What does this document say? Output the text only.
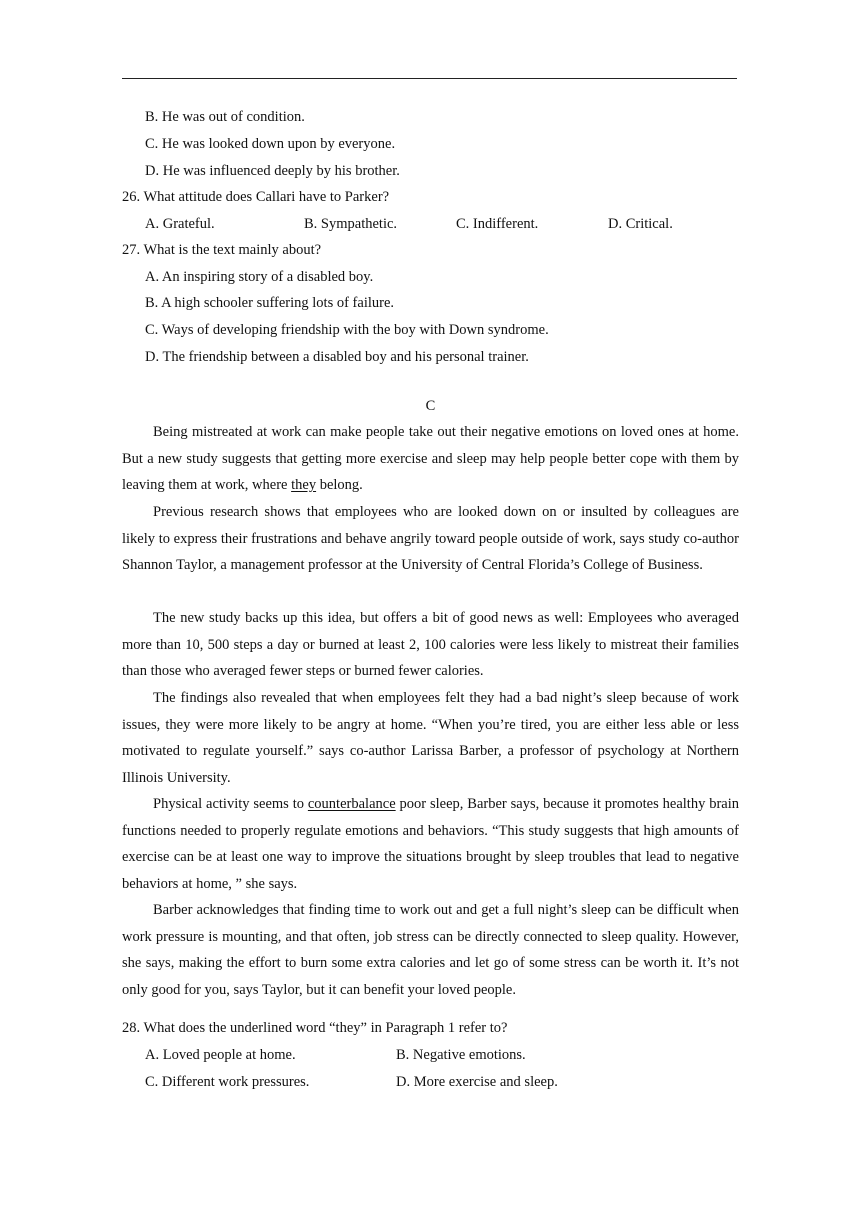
B. He was out of condition.
C. He was looked down upon by everyone.
D. He was influenced deeply by his brother.
26. What attitude does Callari have to Parker?
A. Grateful.	B. Sympathetic.	C. Indifferent.	D. Critical.
27. What is the text mainly about?
A. An inspiring story of a disabled boy.
B. A high schooler suffering lots of failure.
C. Ways of developing friendship with the boy with Down syndrome.
D. The friendship between a disabled boy and his personal trainer.
C

Being mistreated at work can make people take out their negative emotions on loved ones at home. But a new study suggests that getting more exercise and sleep may help people better cope with them by leaving them at work, where they belong.

Previous research shows that employees who are looked down on or insulted by colleagues are likely to express their frustrations and behave angrily toward people outside of work, says study co-author Shannon Taylor, a management professor at the University of Central Florida’s College of Business.

The new study backs up this idea, but offers a bit of good news as well: Employees who averaged more than 10, 500 steps a day or burned at least 2, 100 calories were less likely to mistreat their families than those who averaged fewer steps or burned fewer calories.

The findings also revealed that when employees felt they had a bad night’s sleep because of work issues, they were more likely to be angry at home. “When you’re tired, you are either less able or less motivated to regulate yourself.” says co-author Larissa Barber, a professor of psychology at Northern Illinois University.

Physical activity seems to counterbalance poor sleep, Barber says, because it promotes healthy brain functions needed to properly regulate emotions and behaviors. “This study suggests that high amounts of exercise can be at least one way to improve the situations brought by sleep troubles that lead to negative behaviors at home, ” she says.

Barber acknowledges that finding time to work out and get a full night’s sleep can be difficult when work pressure is mounting, and that often, job stress can be directly connected to sleep quality. However, she says, making the effort to burn some extra calories and let go of some stress can be worth it. It’s not only good for you, says Taylor, but it can benefit your loved people.

28. What does the underlined word “they” in Paragraph 1 refer to?
A. Loved people at home.	B. Negative emotions.
C. Different work pressures.	D. More exercise and sleep.
